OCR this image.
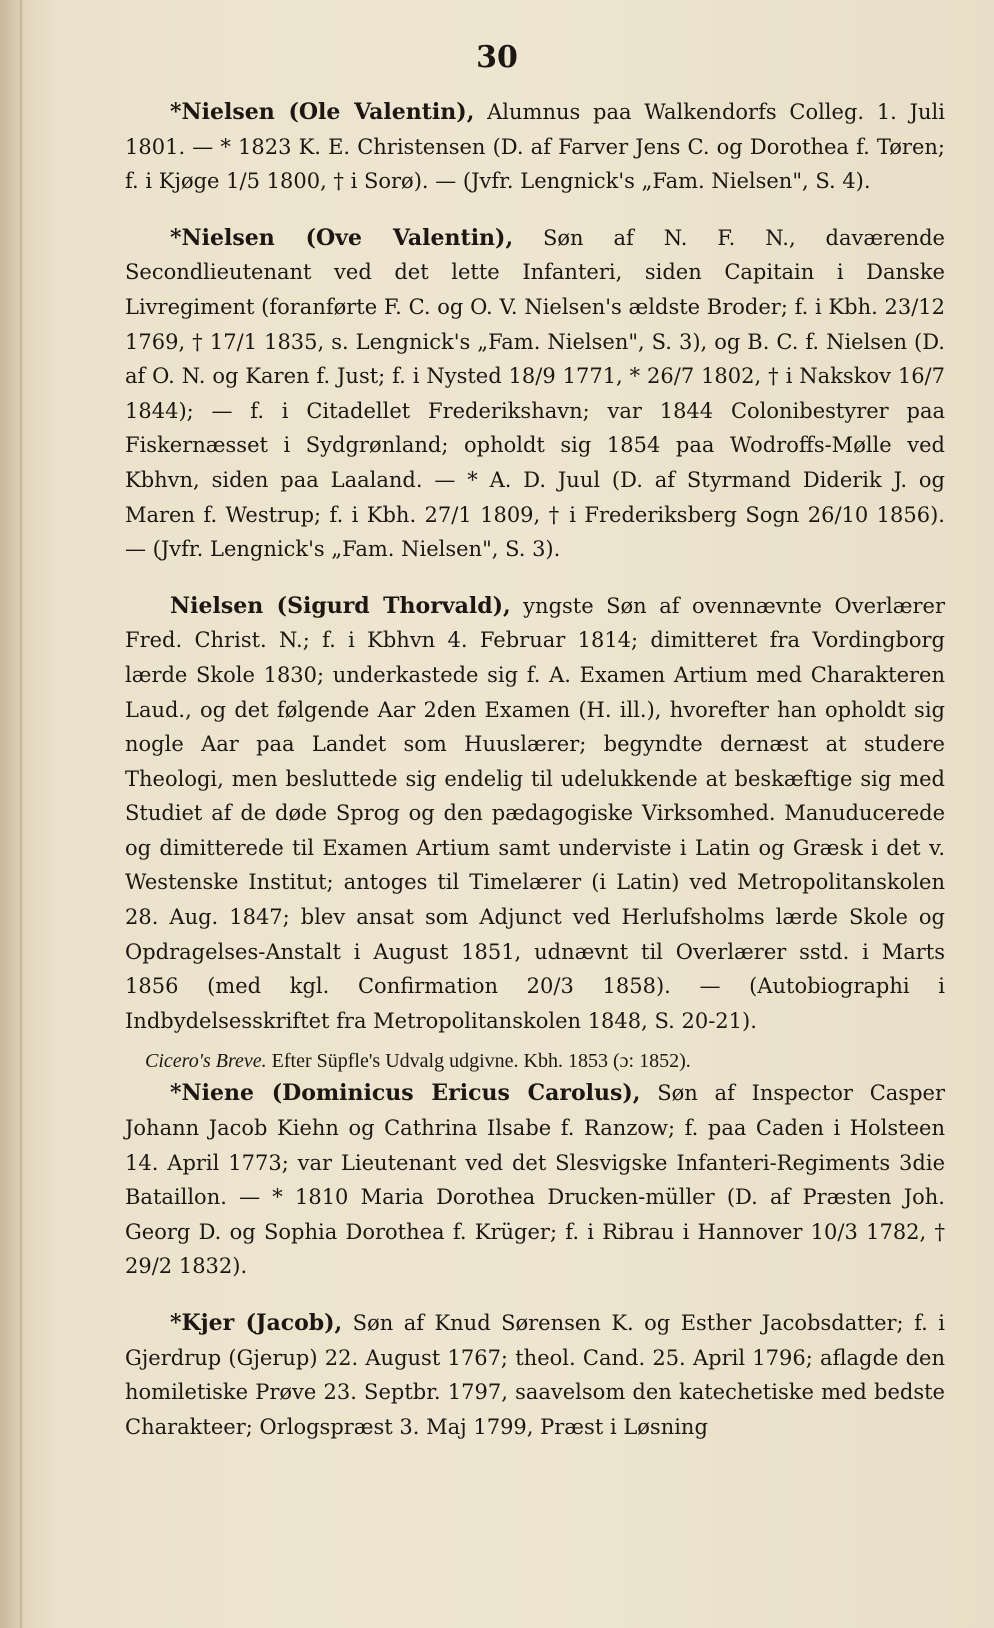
30

*Nielsen (Ole Valentin), Alumnus paa Walkendorfs Colleg. 1. Juli 1801. — * 1823 K. E. Christensen (D. af Farver Jens C. og Dorothea f. Tøren; f. i Kjøge 1/5 1800, † i Sorø). — (Jvfr. Lengnick's „Fam. Nielsen", S. 4).

*Nielsen (Ove Valentin), Søn af N. F. N., daværende Secondlieutenant ved det lette Infanteri, siden Capitain i Danske Livregiment (foranførte F. C. og O. V. Nielsen's ældste Broder; f. i Kbh. 23/12 1769, † 17/1 1835, s. Lengnick's „Fam. Nielsen", S. 3), og B. C. f. Nielsen (D. af O. N. og Karen f. Just; f. i Nysted 18/9 1771, * 26/7 1802, † i Nakskov 16/7 1844); — f. i Citadellet Frederikshavn; var 1844 Colonibestyrer paa Fiskernæsset i Sydgrønland; opholdt sig 1854 paa Wodroffs-Mølle ved Kbhvn, siden paa Laaland. — * A. D. Juul (D. af Styrmand Diderik J. og Maren f. Westrup; f. i Kbh. 27/1 1809, † i Frederiksberg Sogn 26/10 1856). — (Jvfr. Lengnick's „Fam. Nielsen", S. 3).

Nielsen (Sigurd Thorvald), yngste Søn af ovennævnte Overlærer Fred. Christ. N.; f. i Kbhvn 4. Februar 1814; dimitteret fra Vordingborg lærde Skole 1830; underkastede sig f. A. Examen Artium med Charakteren Laud., og det følgende Aar 2den Examen (H. ill.), hvorefter han opholdt sig nogle Aar paa Landet som Huuslærer; begyndte dernæst at studere Theologi, men besluttede sig endelig til udelukkende at beskæftige sig med Studiet af de døde Sprog og den pædagogiske Virksomhed. Manuducerede og dimitterede til Examen Artium samt underviste i Latin og Græsk i det v. Westenske Institut; antoges til Timelærer (i Latin) ved Metropolitanskolen 28. Aug. 1847; blev ansat som Adjunct ved Herlufsholms lærde Skole og Opdragelses-Anstalt i August 1851, udnævnt til Overlærer sstd. i Marts 1856 (med kgl. Confirmation 20/3 1858). — (Autobiographi i Indbydelsesskriftet fra Metropolitanskolen 1848, S. 20-21).

Cicero's Breve. Efter Süpfle's Udvalg udgivne. Kbh. 1853 (ɔ: 1852).

*Niene (Dominicus Ericus Carolus), Søn af Inspector Casper Johann Jacob Kiehn og Cathrina Ilsabe f. Ranzow; f. paa Caden i Holsteen 14. April 1773; var Lieutenant ved det Slesvigske Infanteri-Regiments 3die Bataillon. — * 1810 Maria Dorothea Drucken-müller (D. af Præsten Joh. Georg D. og Sophia Dorothea f. Krüger; f. i Ribrau i Hannover 10/3 1782, † 29/2 1832).

*Kjer (Jacob), Søn af Knud Sørensen K. og Esther Jacobsdatter; f. i Gjerdrup (Gjerup) 22. August 1767; theol. Cand. 25. April 1796; aflagde den homiletiske Prøve 23. Septbr. 1797, saavelsom den katechetiske med bedste Charakteer; Orlogspræst 3. Maj 1799, Præst i Løsning
